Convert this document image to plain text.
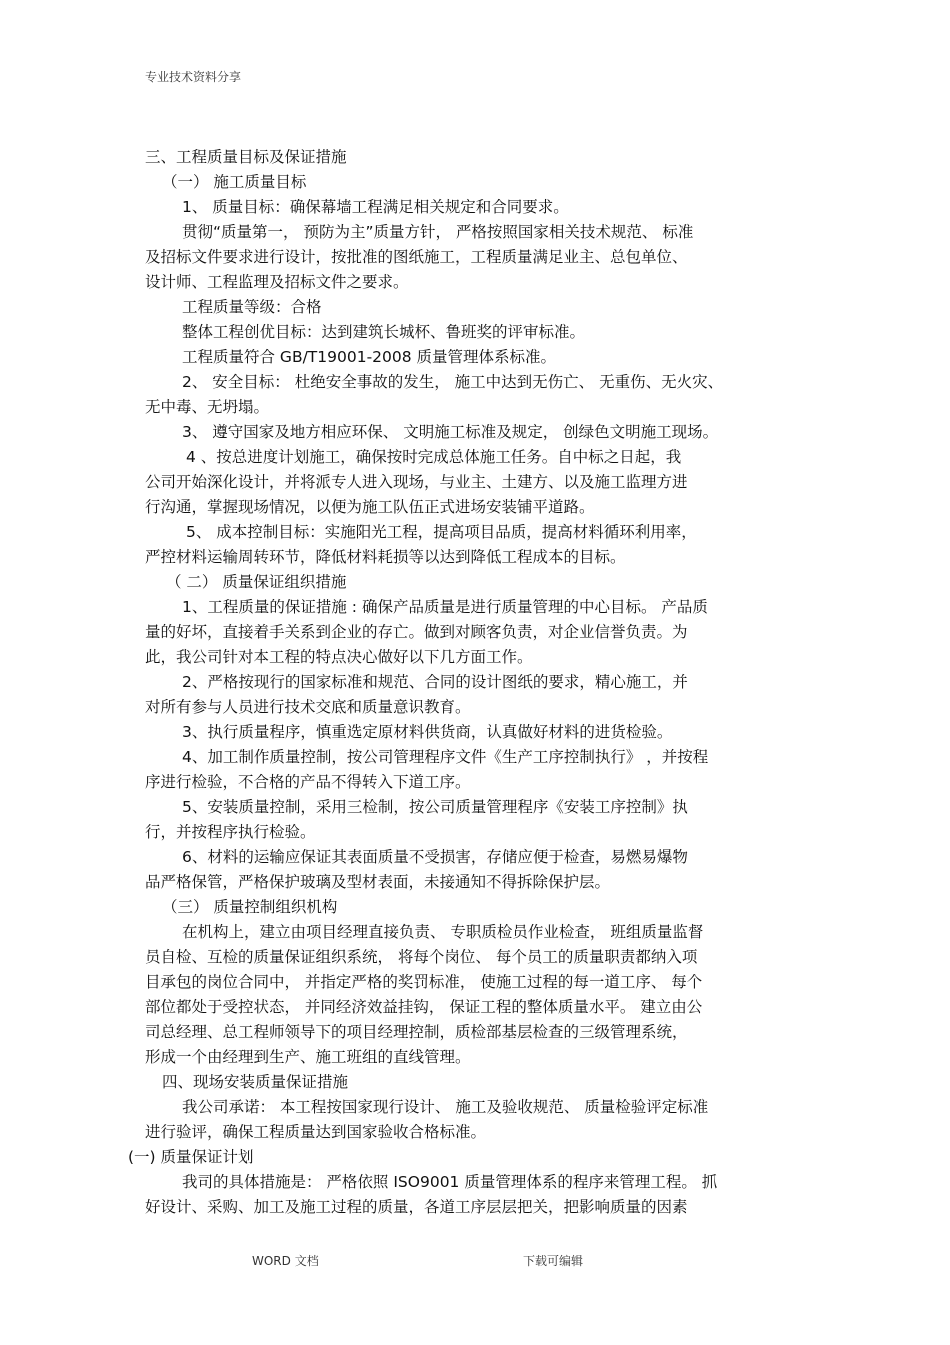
专业技术资料分享
三、工程质量目标及保证措施
（一） 施工质量目标
1、 质量目标：确保幕墙工程满足相关规定和合同要求。
贯彻“质量第一， 预防为主”质量方针， 严格按照国家相关技术规范、 标准
及招标文件要求进行设计，按批准的图纸施工，工程质量满足业主、总包单位、
设计师、工程监理及招标文件之要求。
工程质量等级：合格
整体工程创优目标：达到建筑长城杯、鲁班奖的评审标准。
工程质量符合 GB/T19001-2008 质量管理体系标准。
2、 安全目标： 杜绝安全事故的发生， 施工中达到无伤亡、 无重伤、无火灾、
无中毒、无坍塌。
3、 遵守国家及地方相应环保、 文明施工标准及规定， 创绿色文明施工现场。
4 、按总进度计划施工，确保按时完成总体施工任务。自中标之日起，我
公司开始深化设计，并将派专人进入现场，与业主、土建方、以及施工监理方进
行沟通，掌握现场情况，以便为施工队伍正式进场安装铺平道路。
5、 成本控制目标：实施阳光工程，提高项目品质，提高材料循环利用率，
严控材料运输周转环节，降低材料耗损等以达到降低工程成本的目标。
（ 二） 质量保证组织措施
1、工程质量的保证措施 : 确保产品质量是进行质量管理的中心目标。 产品质
量的好坏，直接着手关系到企业的存亡。做到对顾客负责，对企业信誉负责。为
此，我公司针对本工程的特点决心做好以下几方面工作。
2、严格按现行的国家标准和规范、合同的设计图纸的要求，精心施工，并
对所有参与人员进行技术交底和质量意识教育。
3、执行质量程序，慎重选定原材料供货商，认真做好材料的进货检验。
4、加工制作质量控制，按公司管理程序文件《生产工序控制执行》 ，并按程
序进行检验，不合格的产品不得转入下道工序。
5、安装质量控制，采用三检制，按公司质量管理程序《安装工序控制》执
行，并按程序执行检验。
6、材料的运输应保证其表面质量不受损害，存储应便于检查，易燃易爆物
品严格保管，严格保护玻璃及型材表面，未接通知不得拆除保护层。
（三） 质量控制组织机构
在机构上，建立由项目经理直接负责、 专职质检员作业检查， 班组质量监督
员自检、互检的质量保证组织系统， 将每个岗位、 每个员工的质量职责都纳入项
目承包的岗位合同中， 并指定严格的奖罚标准， 使施工过程的每一道工序、 每个
部位都处于受控状态， 并同经济效益挂钩， 保证工程的整体质量水平。 建立由公
司总经理、总工程师领导下的项目经理控制，质检部基层检查的三级管理系统，
形成一个由经理到生产、施工班组的直线管理。
四、现场安装质量保证措施
我公司承诺： 本工程按国家现行设计、 施工及验收规范、 质量检验评定标准
进行验评，确保工程质量达到国家验收合格标准。
(一) 质量保证计划
我司的具体措施是： 严格依照 ISO9001 质量管理体系的程序来管理工程。 抓
好设计、采购、加工及施工过程的质量，各道工序层层把关，把影响质量的因素
WORD 文档	下载可编辑
